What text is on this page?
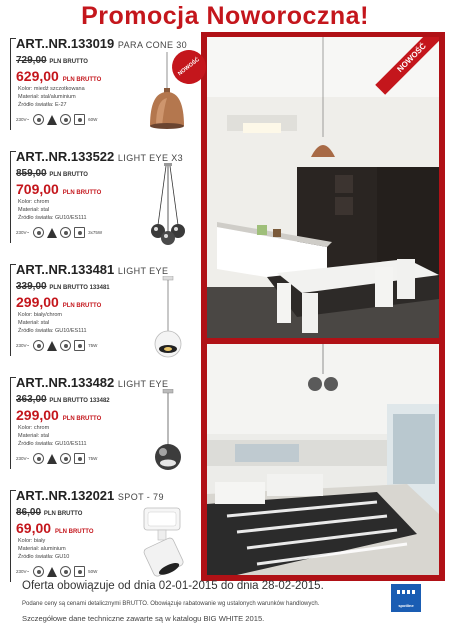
Promocja Noworoczna!
NOWOŚĆ
ART..NR.133019 PARA CONE 30
729,00 PLN BRUTTO
629,00 PLN BRUTTO
Kolor: miedź szczotkowana
Materiał: stal/aluminium
Źródło światła: E-27
230V~	60W
NOWOŚĆ
ART..NR.133522 LIGHT EYE X3
859,00 PLN BRUTTO
709,00 PLN BRUTTO
Kolor: chrom
Materiał: stal
Źródło światła: GU10/ES111
230V~	3x75W
ART..NR.133481 LIGHT EYE
339,00 PLN BRUTTO 133481
299,00 PLN BRUTTO
Kolor: biały/chrom
Materiał: stal
Źródło światła: GU10/ES111
230V~	75W
ART..NR.133482 LIGHT EYE
363,00 PLN BRUTTO 133482
299,00 PLN BRUTTO
Kolor: chrom
Materiał: stal
Źródło światła: GU10/ES111
230V~	75W
ART..NR.132021 SPOT - 79
86,00 PLN BRUTTO
69,00 PLN BRUTTO
Kolor: biały
Materiał: aluminium
Źródło światła: GU10
230V~	50W
Oferta obowiązuje od dnia 02-01-2015 do dnia 28-02-2015.
Podane ceny są cenami detalicznymi BRUTTO. Obowiązuje rabatowanie wg ustalonych warunków handlowych.
Szczegółowe dane techniczne zawarte są w katalogu BIG WHITE 2015.
spotline
